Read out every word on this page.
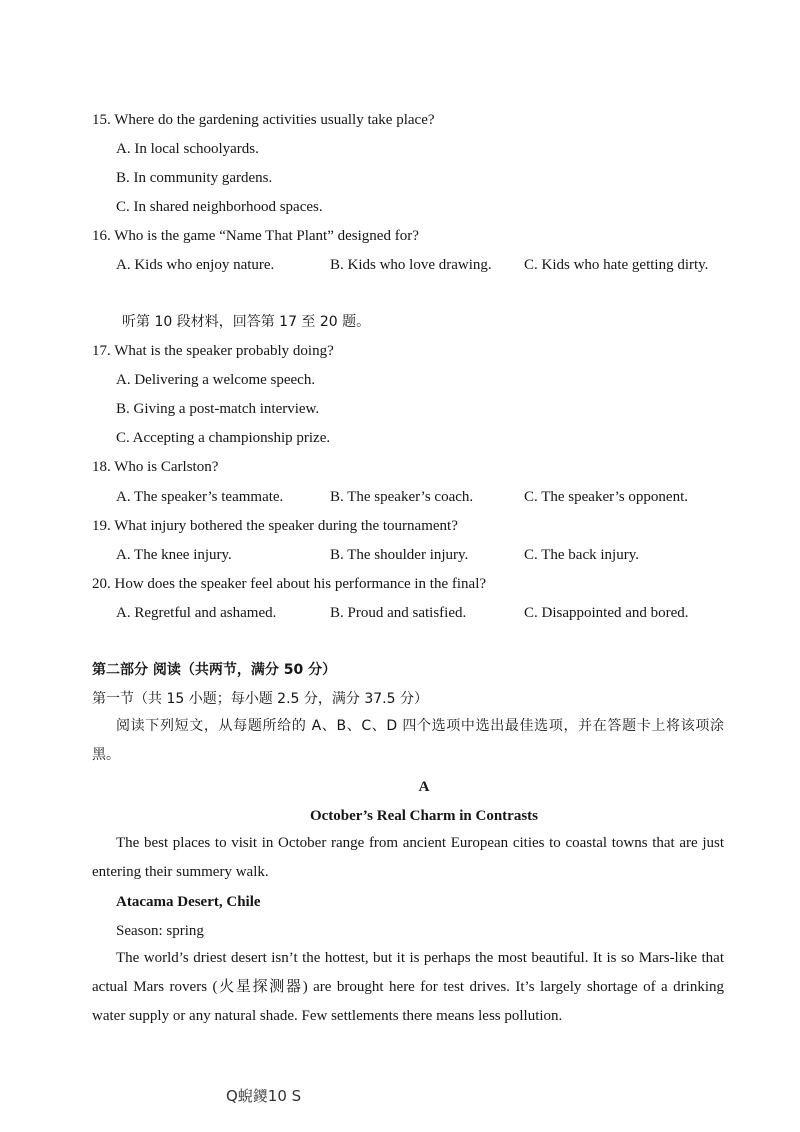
15. Where do the gardening activities usually take place?
A. In local schoolyards.
B. In community gardens.
C. In shared neighborhood spaces.
16. Who is the game “Name That Plant” designed for?
A. Kids who enjoy nature.	B. Kids who love drawing. C. Kids who hate getting dirty.
听第 10 段材料，回答第 17 至 20 题。
17. What is the speaker probably doing?
A. Delivering a welcome speech.
B. Giving a post-match interview.
C. Accepting a championship prize.
18. Who is Carlston?
A. The speaker’s teammate.	B. The speaker’s coach.	C. The speaker’s opponent.
19. What injury bothered the speaker during the tournament?
A. The knee injury.	B. The shoulder injury.	C. The back injury.
20. How does the speaker feel about his performance in the final?
A. Regretful and ashamed.	B. Proud and satisfied.	C. Disappointed and bored.
第二部分 阅读（共两节，满分 50 分）
第一节（共 15 小题；每小题 2.5 分，满分 37.5 分）
阅读下列短文，从每题所给的 A、B、C、D 四个选项中选出最佳选项，并在答题卡上将该项涂黑。
A
October’s Real Charm in Contrasts
The best places to visit in October range from ancient European cities to coastal towns that are just entering their summery walk.
Atacama Desert, Chile
Season: spring
The world’s driest desert isn’t the hottest, but it is perhaps the most beautiful. It is so Mars-like that actual Mars rovers (火星探测器) are brought here for test drives. It’s largely shortage of a drinking water supply or any natural shade. Few settlements there means less pollution.
Q蜺鑁10 S
